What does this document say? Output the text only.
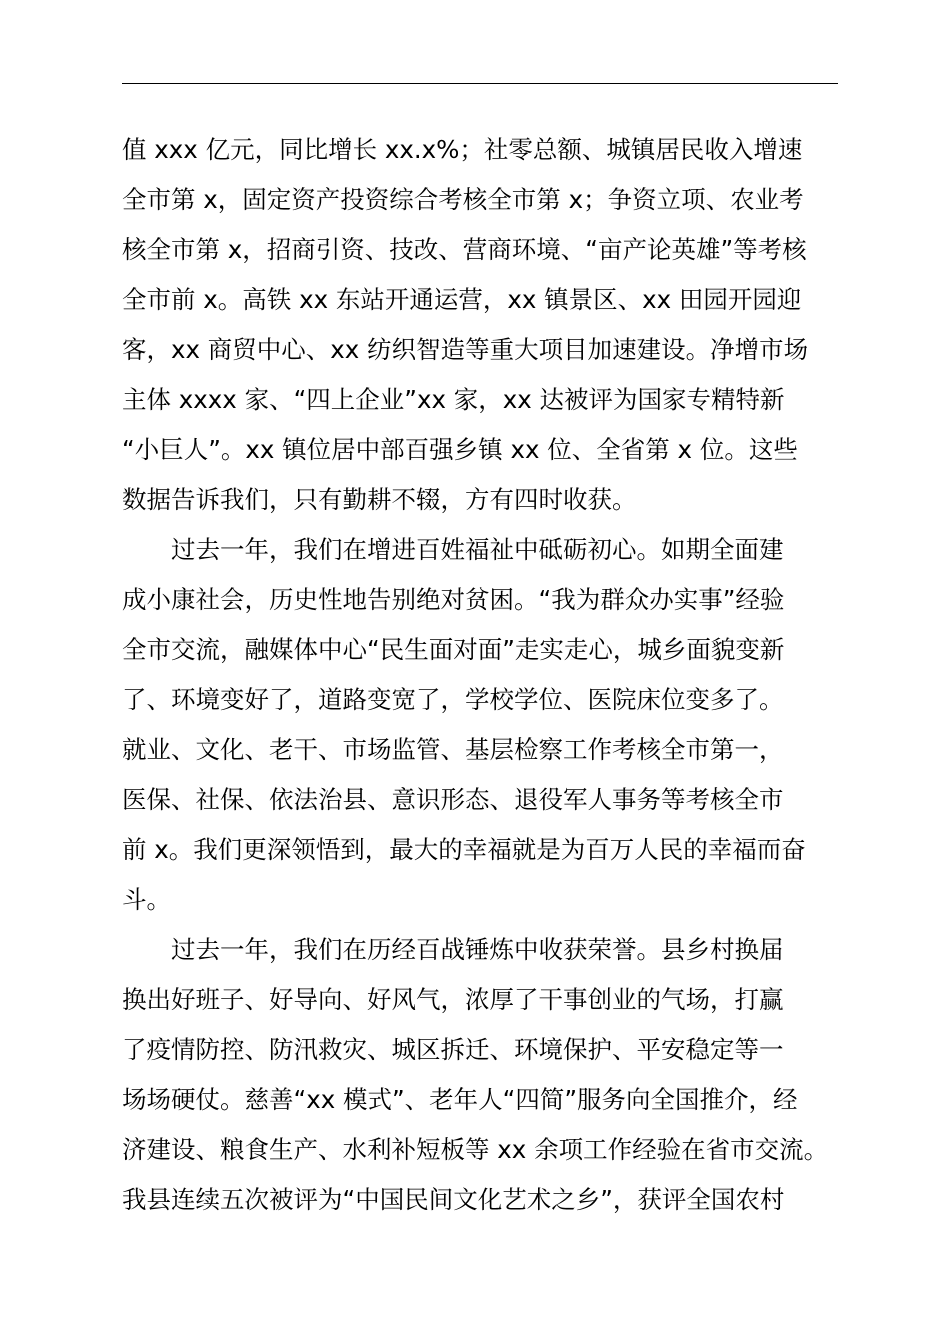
值 xxx 亿元，同比增长 xx.x%；社零总额、城镇居民收入增速
全市第 x，固定资产投资综合考核全市第 x；争资立项、农业考
核全市第 x，招商引资、技改、营商环境、“亩产论英雄”等考核
全市前 x。高铁 xx 东站开通运营，xx 镇景区、xx 田园开园迎
客，xx 商贸中心、xx 纺织智造等重大项目加速建设。净增市场
主体 xxxx 家、“四上企业”xx 家，xx 达被评为国家专精特新
“小巨人”。xx 镇位居中部百强乡镇 xx 位、全省第 x 位。这些
数据告诉我们，只有勤耕不辍，方有四时收获。
过去一年，我们在增进百姓福祉中砥砺初心。如期全面建
成小康社会，历史性地告别绝对贫困。“我为群众办实事”经验
全市交流，融媒体中心“民生面对面”走实走心，城乡面貌变新
了、环境变好了，道路变宽了，学校学位、医院床位变多了。
就业、文化、老干、市场监管、基层检察工作考核全市第一，
医保、社保、依法治县、意识形态、退役军人事务等考核全市
前 x。我们更深领悟到，最大的幸福就是为百万人民的幸福而奋
斗。
过去一年，我们在历经百战锤炼中收获荣誉。县乡村换届
换出好班子、好导向、好风气，浓厚了干事创业的气场，打赢
了疫情防控、防汛救灾、城区拆迁、环境保护、平安稳定等一
场场硬仗。慈善“xx 模式”、老年人“四简”服务向全国推介，经
济建设、粮食生产、水利补短板等 xx 余项工作经验在省市交流。
我县连续五次被评为“中国民间文化艺术之乡”，获评全国农村
